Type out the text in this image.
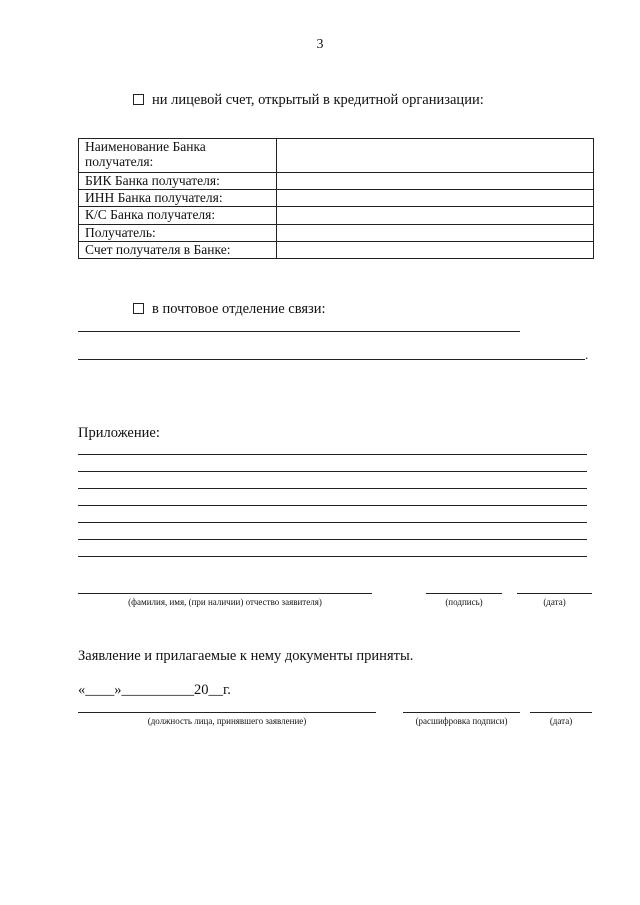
3
ни лицевой счет, открытый в кредитной организации:
Наименование Банка получателя:	
БИК Банка получателя:	
ИНН Банка получателя:	
К/С Банка получателя:	
Получатель:	
Счет получателя в Банке:	
в почтовое отделение связи:
.
Приложение:
(фамилия, имя, (при наличии) отчество заявителя)	(подпись)	(дата)
Заявление и прилагаемые к нему документы приняты.
«____»__________20__г.
(должность лица, принявшего заявление)	(расшифровка подписи)	(дата)
